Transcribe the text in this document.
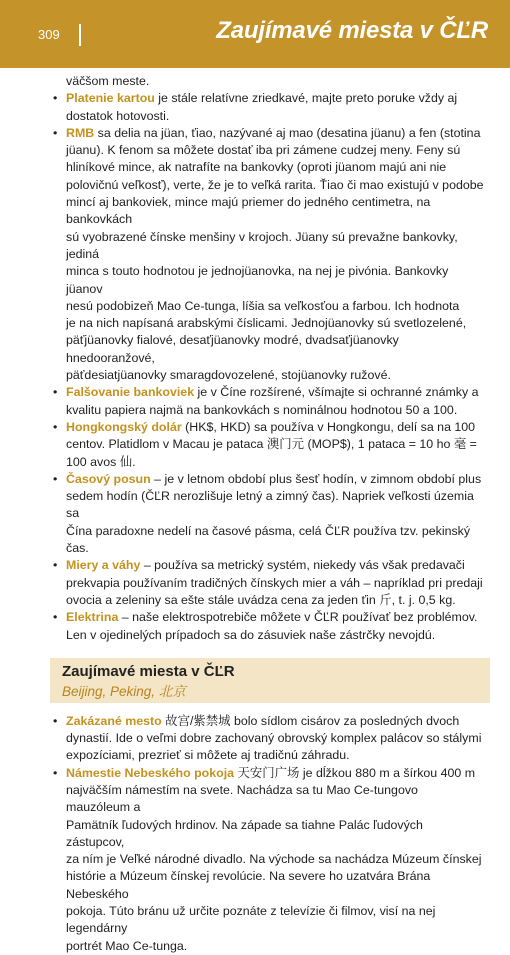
309	Zaujímavé miesta v ČĽR

väčšom meste.

• Platenie kartou je stále relatívne zriedkavé, majte preto poruke vždy aj
dostatok hotovosti.
• RMB sa delia na jüan, ťiao, nazývané aj mao (desatina jüanu) a fen (stotina
jüanu). K fenom sa môžete dostať iba pri zámene cudzej meny. Feny sú
hliníkové mince, ak natrafíte na bankovky (oproti jüanom majú ani nie
polovičnú veľkosť), verte, že je to veľká rarita. Ťiao či mao existujú v podobe
mincí aj bankoviek, mince majú priemer do jedného centimetra, na bankovkách
sú vyobrazené čínske menšiny v krojoch. Jüany sú prevažne bankovky, jediná
minca s touto hodnotou je jednojüanovka, na nej je pivónia. Bankovky jüanov
nesú podobizeň Mao Ce-tunga, líšia sa veľkosťou a farbou. Ich hodnota
je na nich napísaná arabskými číslicami. Jednojüanovky sú svetlozelené,
päťjüanovky fialové, desaťjüanovky modré, dvadsaťjüanovky hnedooranžové,
päťdesiatjüanovky smaragdovozelené, stojüanovky ružové.
• Falšovanie bankoviek je v Číne rozšírené, všímajte si ochranné známky a
kvalitu papiera najmä na bankovkách s nominálnou hodnotou 50 a 100.
• Hongkongský dolár (HK$, HKD) sa používa v Hongkongu, delí sa na 100
centov. Platidlom v Macau je pataca 澳门元 (MOP$), 1 pataca = 10 ho 毫 =
100 avos 仙.
• Časový posun – je v letnom období plus šesť hodín, v zimnom období plus
sedem hodín (ČĽR nerozlišuje letný a zimný čas). Napriek veľkosti územia sa
Čína paradoxne nedelí na časové pásma, celá ČĽR používa tzv. pekinský čas.
• Miery a váhy – používa sa metrický systém, niekedy vás však predavači
prekvapia používaním tradičných čínskych mier a váh – napríklad pri predaji
ovocia a zeleniny sa ešte stále uvádza cena za jeden ťin 斤, t. j. 0,5 kg.
• Elektrina – naše elektrospotrebiče môžete v ČĽR používať bez problémov.
Len v ojedinelých prípadoch sa do zásuviek naše zástrčky nevojdú.
Zaujímavé miesta v ČĽR
Beijing, Peking, 北京
• Zakázané mesto 故宫/紫禁城 bolo sídlom cisárov za posledných dvoch
dynastií. Ide o veľmi dobre zachovaný obrovský komplex palácov so stálymi
expozíciami, prezrieť si môžete aj tradičnú záhradu.
• Námestie Nebeského pokoja 天安门广场 je dĺžkou 880 m a šírkou 400 m
najväčším námestím na svete. Nachádza sa tu Mao Ce-tungovo mauzóleum a
Pamätník ľudových hrdinov. Na západe sa tiahne Palác ľudových zástupcov,
za ním je Veľké národné divadlo. Na východe sa nachádza Múzeum čínskej
histórie a Múzeum čínskej revolúcie. Na severe ho uzatvára Brána Nebeského
pokoja. Túto bránu už určite poznáte z televízie či filmov, visí na nej legendárny
portrét Mao Ce-tunga.
